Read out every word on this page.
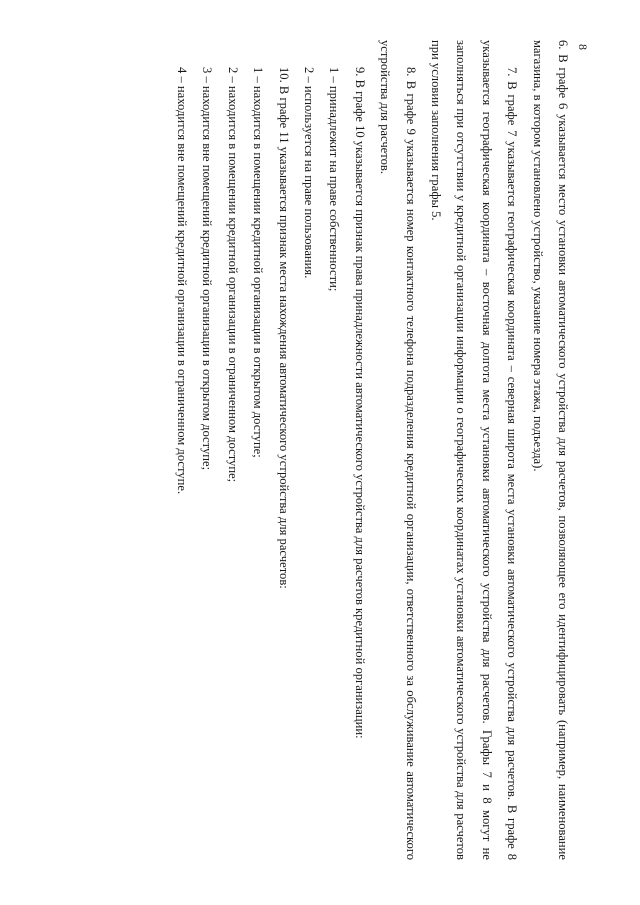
8

6. В графе 6 указывается место установки автоматического устройства для расчетов, позволяющее его идентифицировать (например, наименование магазина, в котором установлено устройство, указание номера этажа, подъезда).

7. В графе 7 указывается географическая координата – северная широта места установки автоматического устройства для расчетов. В графе 8 указывается географическая координата – восточная долгота места установки автоматического устройства для расчетов. Графы 7 и 8 могут не заполняться при отсутствии у кредитной организации информации о географических координатах установки автоматического устройства для расчетов при условии заполнения графы 5.

8. В графе 9 указывается номер контактного телефона подразделения кредитной организации, ответственного за обслуживание автоматического устройства для расчетов.

9. В графе 10 указывается признак права принадлежности автоматического устройства для расчетов кредитной организации:

1 – принадлежит на праве собственности;

2 – используется на праве пользования.

10. В графе 11 указывается признак места нахождения автоматического устройства для расчетов:

1 – находится в помещении кредитной организации в открытом доступе;

2 – находится в помещении кредитной организации в ограниченном доступе;

3 – находится вне помещений кредитной организации в открытом доступе;

4 – находится вне помещений кредитной организации в ограниченном доступе.
